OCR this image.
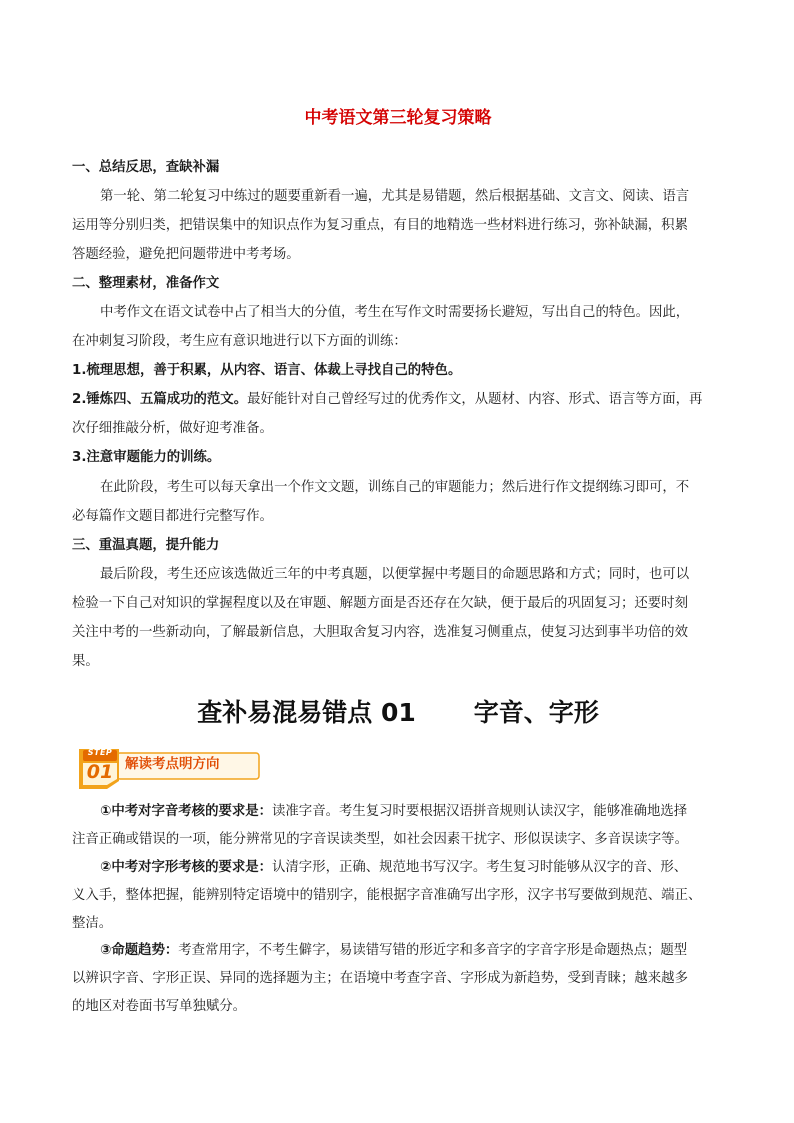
中考语文第三轮复习策略
一、总结反思，查缺补漏
第一轮、第二轮复习中练过的题要重新看一遍，尤其是易错题，然后根据基础、文言文、阅读、语言
运用等分别归类，把错误集中的知识点作为复习重点，有目的地精选一些材料进行练习，弥补缺漏，积累
答题经验，避免把问题带进中考考场。
二、整理素材，准备作文
中考作文在语文试卷中占了相当大的分值，考生在写作文时需要扬长避短，写出自己的特色。因此，
在冲刺复习阶段，考生应有意识地进行以下方面的训练：
1.梳理思想，善于积累，从内容、语言、体裁上寻找自己的特色。
2.锤炼四、五篇成功的范文。最好能针对自己曾经写过的优秀作文，从题材、内容、形式、语言等方面，再
次仔细推敲分析，做好迎考准备。
3.注意审题能力的训练。
在此阶段，考生可以每天拿出一个作文文题，训练自己的审题能力；然后进行作文提纲练习即可，不
必每篇作文题目都进行完整写作。
三、重温真题，提升能力
最后阶段，考生还应该选做近三年的中考真题，以便掌握中考题目的命题思路和方式；同时，也可以
检验一下自己对知识的掌握程度以及在审题、解题方面是否还存在欠缺，便于最后的巩固复习；还要时刻
关注中考的一些新动向，了解最新信息，大胆取舍复习内容，选准复习侧重点，使复习达到事半功倍的效
果。
查补易混易错点 01 字音、字形
STEP
01 解读考点明方向
①中考对字音考核的要求是：读准字音。考生复习时要根据汉语拼音规则认读汉字，能够准确地选择
注音正确或错误的一项，能分辨常见的字音误读类型，如社会因素干扰字、形似误读字、多音误读字等。
②中考对字形考核的要求是：认清字形，正确、规范地书写汉字。考生复习时能够从汉字的音、形、
义入手，整体把握，能辨别特定语境中的错别字，能根据字音准确写出字形，汉字书写要做到规范、端正、
整洁。
③命题趋势：考查常用字，不考生僻字，易读错写错的形近字和多音字的字音字形是命题热点；题型
以辨识字音、字形正误、异同的选择题为主；在语境中考查字音、字形成为新趋势，受到青睐；越来越多
的地区对卷面书写单独赋分。
